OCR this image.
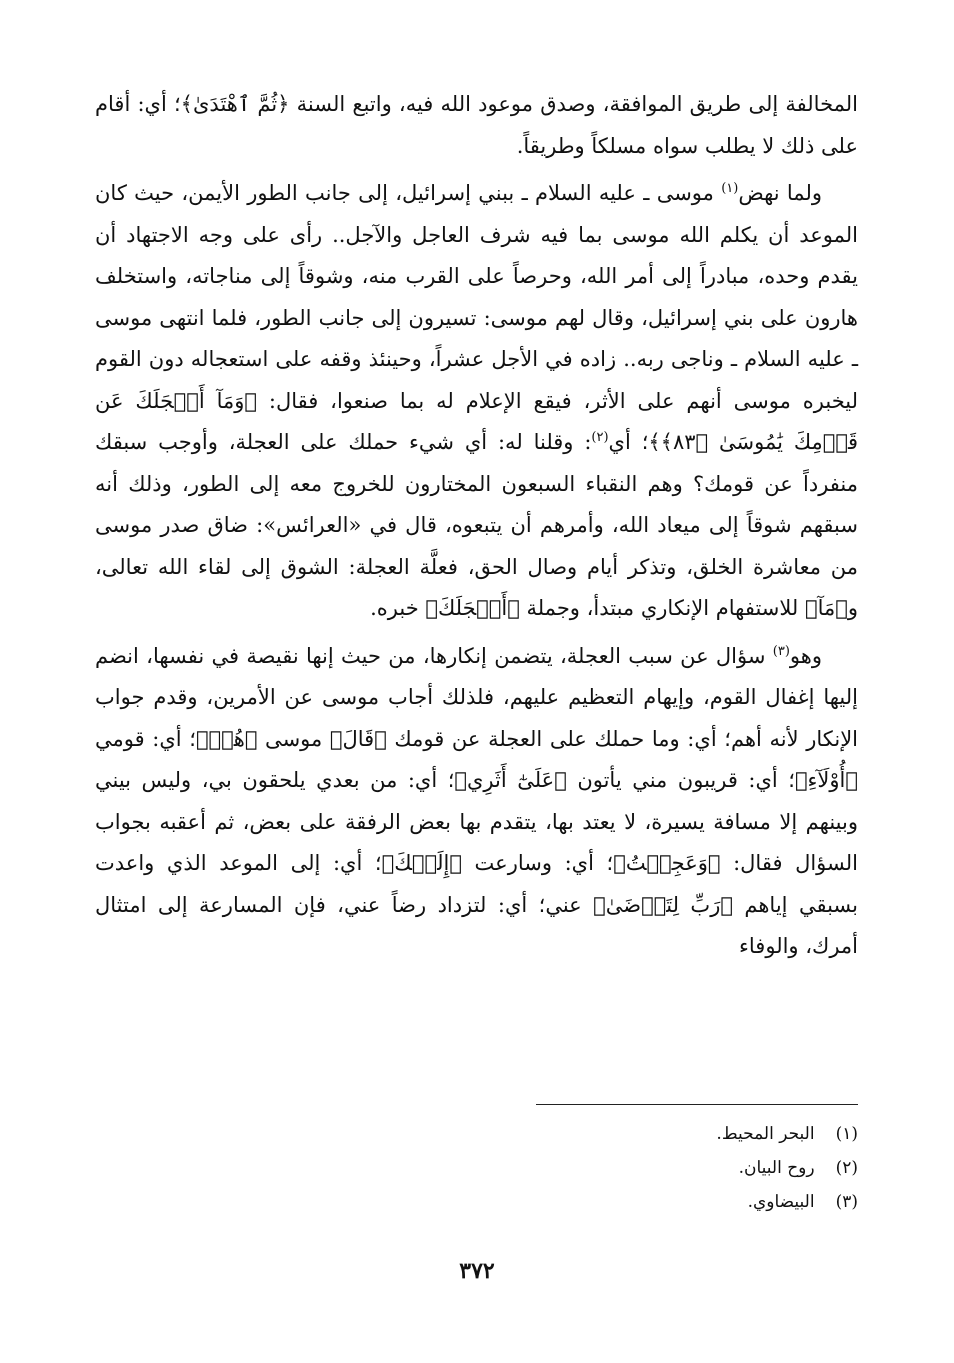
المخالفة إلى طريق الموافقة، وصدق موعود الله فيه، واتبع السنة ﴿ثُمَّ ٱهْتَدَىٰ﴾؛ أي: أقام على ذلك لا يطلب سواه مسلكاً وطريقاً.

ولما نهض$^{(١)}$ موسى ـ عليه السلام ـ ببني إسرائيل، إلى جانب الطور الأيمن، حيث كان الموعد أن يكلم الله موسى بما فيه شرف العاجل والآجل.. رأى على وجه الاجتهاد أن يقدم وحده، مبادراً إلى أمر الله، وحرصاً على القرب منه، وشوقاً إلى مناجاته، واستخلف هارون على بني إسرائيل، وقال لهم موسى: تسيرون إلى جانب الطور، فلما انتهى موسى ـ عليه السلام ـ وناجى ربه.. زاده في الأجل عشراً، وحينئذ وقفه على استعجاله دون القوم ليخبره موسى أنهم على الأثر، فيقع الإعلام له بما صنعوا، فقال: ﴿وَمَآ أَعۡجَلَكَ عَن قَوۡمِكَ يَٰمُوسَىٰ ﴿٨٣﴾﴾؛ أي$^{(٢)}$: وقلنا له: أي شيء حملك على العجلة، وأوجب سبقك منفرداً عن قومك؟ وهم النقباء السبعون المختارون للخروج معه إلى الطور، وذلك أنه سبقهم شوقاً إلى ميعاد الله، وأمرهم أن يتبعوه، قال في «العرائس»: ضاق صدر موسى من معاشرة الخلق، وتذكر أيام وصال الحق، فعلَّة العجلة: الشوق إلى لقاء الله تعالى، و﴿مَآ﴾ للاستفهام الإنكاري مبتدأ، وجملة ﴿أَعۡجَلَكَ﴾ خبره.

وهو$^{(٣)}$ سؤال عن سبب العجلة، يتضمن إنكارها، من حيث إنها نقيصة في نفسها، انضم إليها إغفال القوم، وإيهام التعظيم عليهم، فلذلك أجاب موسى عن الأمرين، وقدم جواب الإنكار لأنه أهم؛ أي: وما حملك على العجلة عن قومك ﴿قَالَ﴾ موسى ﴿هُمۡ﴾؛ أي: قومي ﴿أُوْلَآءِ﴾؛ أي: قريبون مني يأتون ﴿عَلَىٰٓ أَثَرِي﴾؛ أي: من بعدي يلحقون بي، وليس بيني وبينهم إلا مسافة يسيرة، لا يعتد بها، يتقدم بها بعض الرفقة على بعض، ثم أعقبه بجواب السؤال فقال: ﴿وَعَجِلۡتُ﴾؛ أي: وسارعت ﴿إِلَيۡكَ﴾؛ أي: إلى الموعد الذي واعدت بسبقي إياهم ﴿رَبِّ لِتَرۡضَىٰ﴾ عني؛ أي: لتزداد رضاً عني، فإن المسارعة إلى امتثال أمرك، والوفاء

(١) البحر المحيط.

(٢) روح البيان.

(٣) البيضاوي.

٣٧٢
